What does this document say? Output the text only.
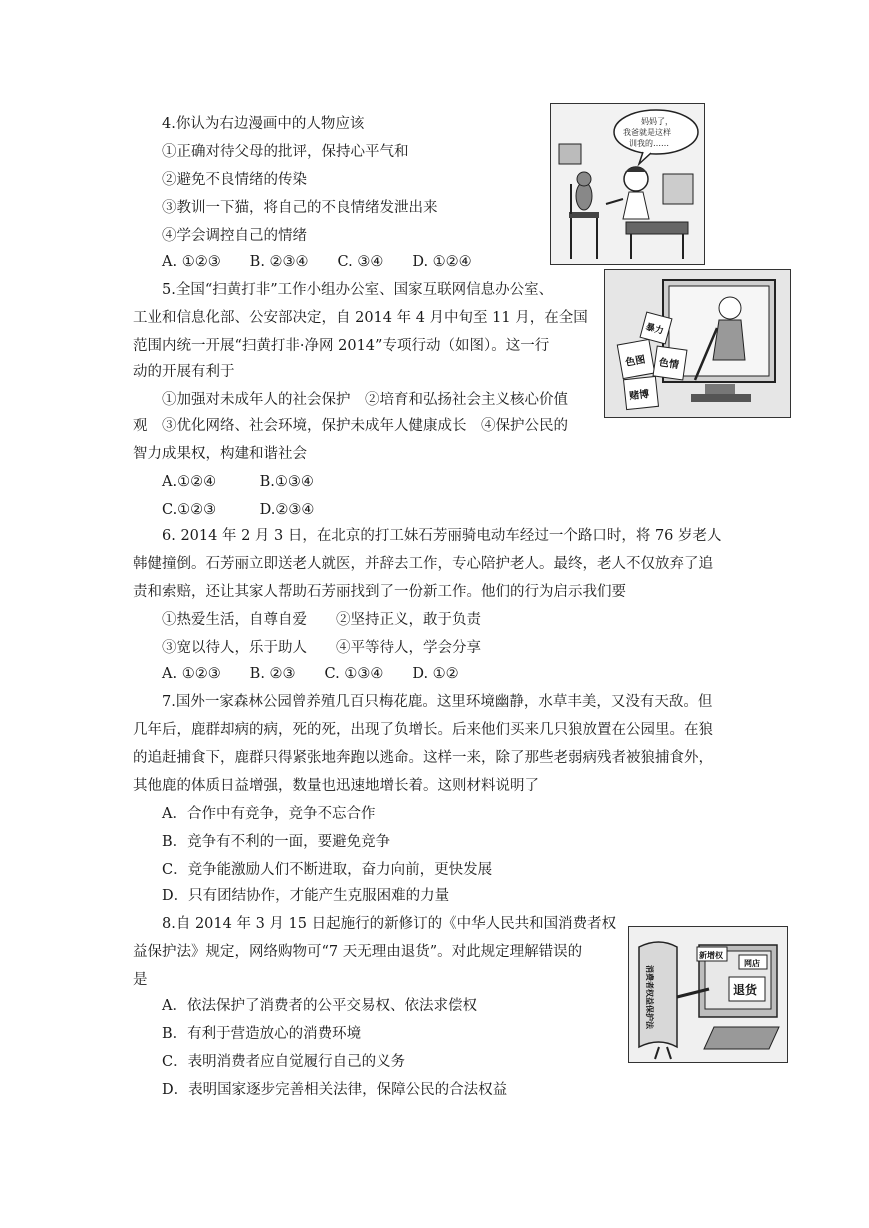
4.你认为右边漫画中的人物应该
①正确对待父母的批评，保持心平气和
②避免不良情绪的传染
③教训一下猫，将自己的不良情绪发泄出来
④学会调控自己的情绪
A. ①②③　　B. ②③④　　C. ③④　　D. ①②④
妈妈了，
我爸就是这样
训我的……
5.全国“扫黄打非”工作小组办公室、国家互联网信息办公室、
工业和信息化部、公安部决定，自 2014 年 4 月中旬至 11 月，在全国
范围内统一开展“扫黄打非·净网 2014”专项行动（如图）。这一行
动的开展有利于
①加强对未成年人的社会保护　②培育和弘扬社会主义核心价值
观　③优化网络、社会环境，保护未成年人健康成长　④保护公民的
智力成果权，构建和谐社会
A.①②④　　　B.①③④
C.①②③　　　D.②③④
色图 色情
赌博
暴力
6. 2014 年 2 月 3 日，在北京的打工妹石芳丽骑电动车经过一个路口时，将 76 岁老人
韩健撞倒。石芳丽立即送老人就医，并辞去工作，专心陪护老人。最终，老人不仅放弃了追
责和索赔，还让其家人帮助石芳丽找到了一份新工作。他们的行为启示我们要
①热爱生活，自尊自爱　　②坚持正义，敢于负责
③宽以待人，乐于助人　　④平等待人，学会分享
A. ①②③　　B. ②③　　C. ①③④　　D. ①②
7.国外一家森林公园曾养殖几百只梅花鹿。这里环境幽静，水草丰美，又没有天敌。但
几年后，鹿群却病的病，死的死，出现了负增长。后来他们买来几只狼放置在公园里。在狼
的追赶捕食下，鹿群只得紧张地奔跑以逃命。这样一来，除了那些老弱病残者被狼捕食外，
其他鹿的体质日益增强，数量也迅速地增长着。这则材料说明了
A．合作中有竞争，竞争不忘合作
B．竞争有不利的一面，要避免竞争
C．竞争能激励人们不断进取，奋力向前，更快发展
D．只有团结协作，才能产生克服困难的力量
8.自 2014 年 3 月 15 日起施行的新修订的《中华人民共和国消费者权
益保护法》规定，网络购物可“7 天无理由退货”。对此规定理解错误的
是
A．依法保护了消费者的公平交易权、依法求偿权
B．有利于营造放心的消费环境
C．表明消费者应自觉履行自己的义务
D．表明国家逐步完善相关法律，保障公民的合法权益
消费者权益保护法
新增权
网店
退货
